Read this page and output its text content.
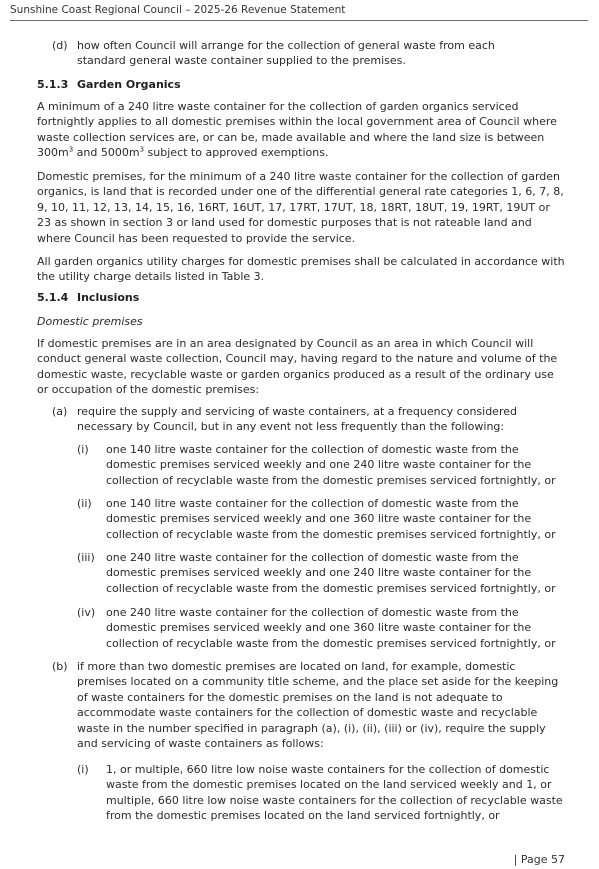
Sunshine Coast Regional Council – 2025-26 Revenue Statement
(d) how often Council will arrange for the collection of general waste from each standard general waste container supplied to the premises.

5.1.3 Garden Organics

A minimum of a 240 litre waste container for the collection of garden organics serviced fortnightly applies to all domestic premises within the local government area of Council where waste collection services are, or can be, made available and where the land size is between $300m^3$ and $5000m^3$ subject to approved exemptions.

Domestic premises, for the minimum of a 240 litre waste container for the collection of garden organics, is land that is recorded under one of the differential general rate categories 1, 6, 7, 8, 9, 10, 11, 12, 13, 14, 15, 16, 16RT, 16UT, 17, 17RT, 17UT, 18, 18RT, 18UT, 19, 19RT, 19UT or 23 as shown in section 3 or land used for domestic purposes that is not rateable land and where Council has been requested to provide the service.

All garden organics utility charges for domestic premises shall be calculated in accordance with the utility charge details listed in Table 3.

5.1.4 Inclusions

Domestic premises

If domestic premises are in an area designated by Council as an area in which Council will conduct general waste collection, Council may, having regard to the nature and volume of the domestic waste, recyclable waste or garden organics produced as a result of the ordinary use or occupation of the domestic premises:

(a) require the supply and servicing of waste containers, at a frequency considered necessary by Council, but in any event not less frequently than the following:

(i) one 140 litre waste container for the collection of domestic waste from the domestic premises serviced weekly and one 240 litre waste container for the collection of recyclable waste from the domestic premises serviced fortnightly, or

(ii) one 140 litre waste container for the collection of domestic waste from the domestic premises serviced weekly and one 360 litre waste container for the collection of recyclable waste from the domestic premises serviced fortnightly, or

(iii) one 240 litre waste container for the collection of domestic waste from the domestic premises serviced weekly and one 240 litre waste container for the collection of recyclable waste from the domestic premises serviced fortnightly, or

(iv) one 240 litre waste container for the collection of domestic waste from the domestic premises serviced weekly and one 360 litre waste container for the collection of recyclable waste from the domestic premises serviced fortnightly, or

(b) if more than two domestic premises are located on land, for example, domestic premises located on a community title scheme, and the place set aside for the keeping of waste containers for the domestic premises on the land is not adequate to accommodate waste containers for the collection of domestic waste and recyclable waste in the number specified in paragraph (a), (i), (ii), (iii) or (iv), require the supply and servicing of waste containers as follows:

(i) 1, or multiple, 660 litre low noise waste containers for the collection of domestic waste from the domestic premises located on the land serviced weekly and 1, or multiple, 660 litre low noise waste containers for the collection of recyclable waste from the domestic premises located on the land serviced fortnightly, or

| Page 57
